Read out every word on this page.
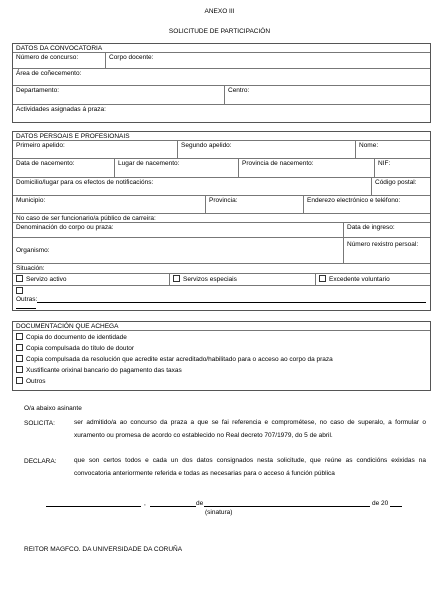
ANEXO III
SOLICITUDE DE PARTICIPACIÓN
DATOS DA CONVOCATORIA
Número de concurso:	Corpo docente:
Área de coñecemento:
Departamento:	Centro:
Actividades asignadas á praza:
DATOS PERSOAIS E PROFESIONAIS
Primeiro apelido:	Segundo apelido:	Nome:
Data de nacemento:	Lugar de nacemento:	Provincia de nacemento:	NIF:
Domicilio/lugar para os efectos de notificacións:	Código postal:
Municipio:	Provincia:	Enderezo electrónico e teléfono:
No caso de ser funcionario/a público de carreira:
Denominación do corpo ou praza:	Data de ingreso:
Organismo:
Número rexistro persoal:
Situación:
Servizo activo	Servizos especiais	Excedente voluntario
Outras:
DOCUMENTACIÓN QUE ACHEGA
Copia do documento de identidade
Copia compulsada do título de doutor
Copia compulsada da resolución que acredite estar acreditado/habilitado para o acceso ao corpo da praza
Xustificante orixinal bancario do pagamento das taxas
Outros
O/a abaixo asinante
SOLICITA:	ser admitido/a ao concurso da praza a que se fai referencia e comprométese, no caso de superalo, a formular o xuramento ou promesa de acordo co establecido no Real decreto 707/1979, do 5 de abril.
DECLARA:	que son certos todos e cada un dos datos consignados nesta solicitude, que reúne as condicións exixidas na convocatoria anteriormente referida e todas as necesarias para o acceso á función pública
,	de	de 20
(sinatura)
REITOR MAGFCO. DA UNIVERSIDADE DA CORUÑA
